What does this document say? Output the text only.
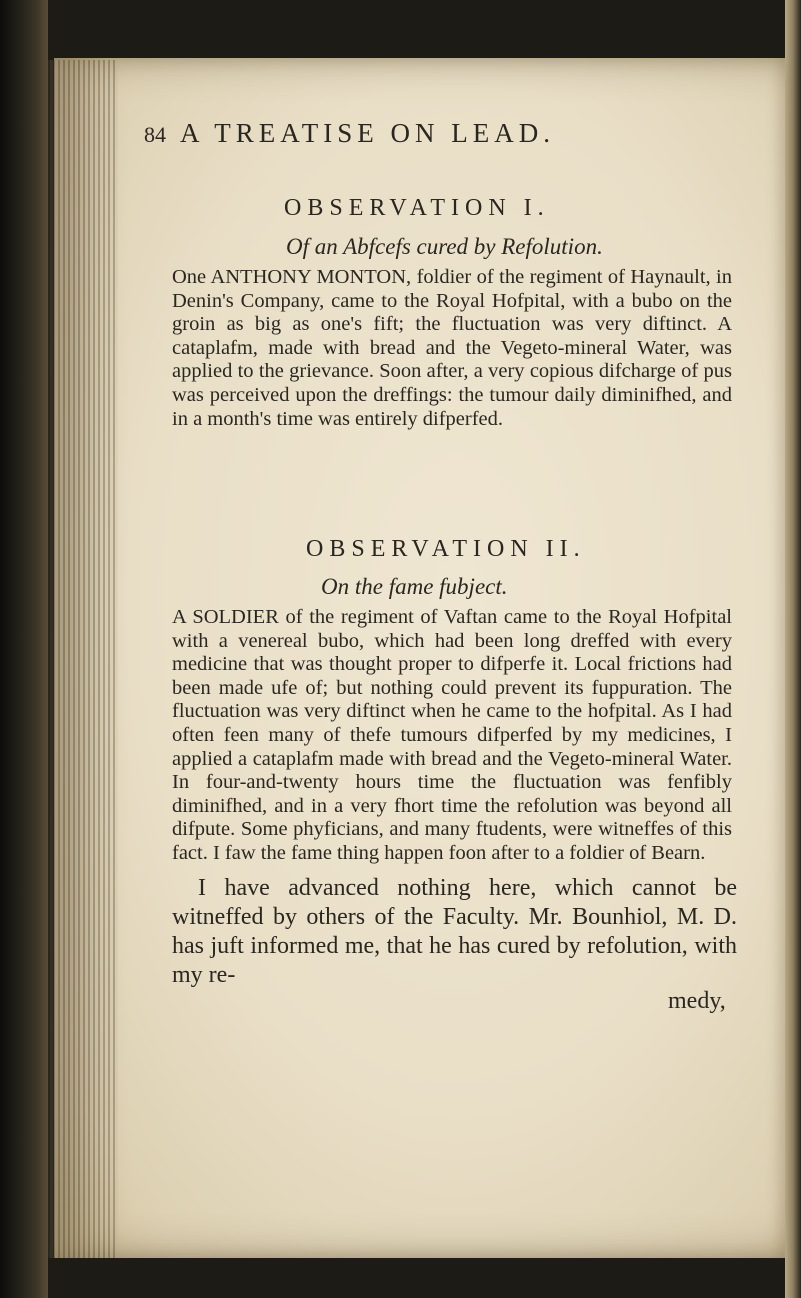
84 A TREATISE ON LEAD.
OBSERVATION I.
Of an Abfcefs cured by Refolution.

One ANTHONY MONTON, foldier of the regiment of Haynault, in Denin's Company, came to the Royal Hofpital, with a bubo on the groin as big as one's fift; the fluctuation was very diftinct. A cataplafm, made with bread and the Vegeto-mineral Water, was applied to the grievance. Soon after, a very copious difcharge of pus was perceived upon the dreffings: the tumour daily diminifhed, and in a month's time was entirely difperfed.

OBSERVATION II.
On the fame fubject.

A SOLDIER of the regiment of Vaftan came to the Royal Hofpital with a venereal bubo, which had been long dreffed with every medicine that was thought proper to difperfe it. Local frictions had been made ufe of; but nothing could prevent its fuppuration. The fluctuation was very diftinct when he came to the hofpital. As I had often feen many of thefe tumours difperfed by my medicines, I applied a cataplafm made with bread and the Vegeto-mineral Water. In four-and-twenty hours time the fluctuation was fenfibly diminifhed, and in a very fhort time the refolution was beyond all difpute. Some phyficians, and many ftudents, were witneffes of this fact. I faw the fame thing happen foon after to a foldier of Bearn.

I have advanced nothing here, which cannot be witneffed by others of the Faculty. Mr. Bounhiol, M. D. has juft informed me, that he has cured by refolution, with my re-

medy,
